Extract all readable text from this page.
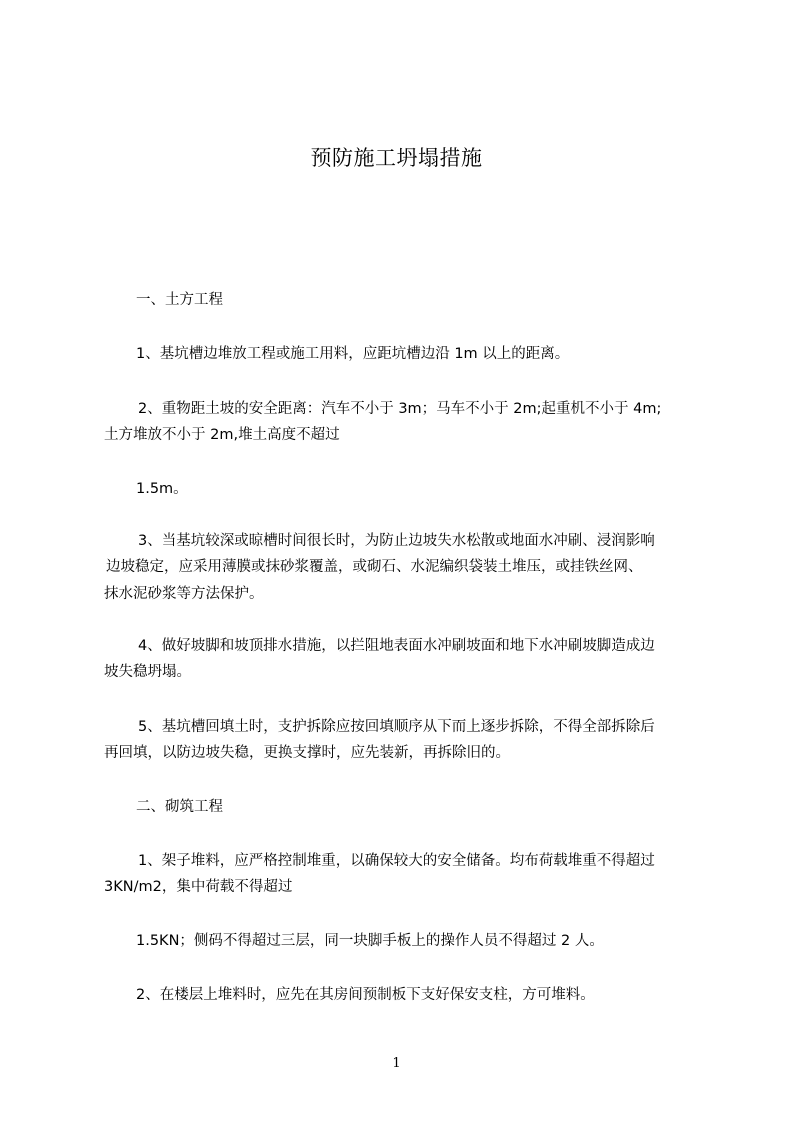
预防施工坍塌措施
一、土方工程
1、基坑槽边堆放工程或施工用料，应距坑槽边沿 1m 以上的距离。
2、重物距土坡的安全距离：汽车不小于 3m；马车不小于 2m;起重机不小于 4m;
土方堆放不小于 2m,堆土高度不超过
1.5m。
3、当基坑较深或晾槽时间很长时，为防止边坡失水松散或地面水冲刷、浸润影响
边坡稳定，应采用薄膜或抹砂浆覆盖，或砌石、水泥编织袋装土堆压，或挂铁丝网、
抹水泥砂浆等方法保护。
4、做好坡脚和坡顶排水措施，以拦阻地表面水冲刷坡面和地下水冲刷坡脚造成边
坡失稳坍塌。
5、基坑槽回填土时，支护拆除应按回填顺序从下而上逐步拆除，不得全部拆除后
再回填，以防边坡失稳，更换支撑时，应先装新，再拆除旧的。
二、砌筑工程
1、架子堆料，应严格控制堆重，以确保较大的安全储备。均布荷载堆重不得超过
3KN/m2，集中荷载不得超过
1.5KN；侧码不得超过三层，同一块脚手板上的操作人员不得超过 2 人。
2、在楼层上堆料时，应先在其房间预制板下支好保安支柱，方可堆料。
1
